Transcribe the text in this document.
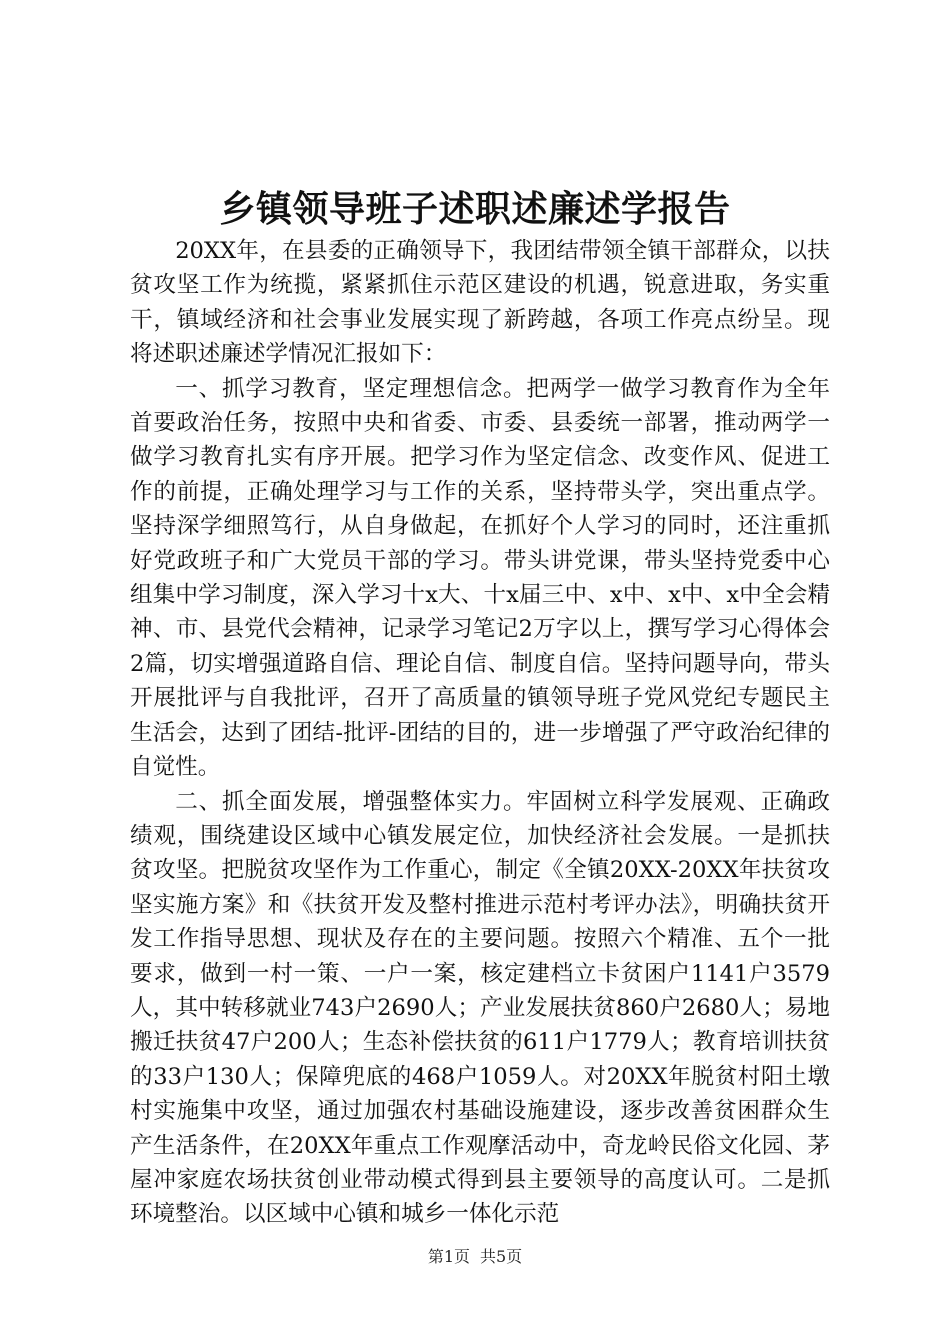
乡镇领导班子述职述廉述学报告

20XX年，在县委的正确领导下，我团结带领全镇干部群众，以扶贫攻坚工作为统揽，紧紧抓住示范区建设的机遇，锐意进取，务实重干，镇域经济和社会事业发展实现了新跨越，各项工作亮点纷呈。现将述职述廉述学情况汇报如下：

一、抓学习教育，坚定理想信念。把两学一做学习教育作为全年首要政治任务，按照中央和省委、市委、县委统一部署，推动两学一做学习教育扎实有序开展。把学习作为坚定信念、改变作风、促进工作的前提，正确处理学习与工作的关系，坚持带头学，突出重点学。坚持深学细照笃行，从自身做起，在抓好个人学习的同时，还注重抓好党政班子和广大党员干部的学习。带头讲党课，带头坚持党委中心组集中学习制度，深入学习十x大、十x届三中、x中、x中、x中全会精神、市、县党代会精神，记录学习笔记2万字以上，撰写学习心得体会2篇，切实增强道路自信、理论自信、制度自信。坚持问题导向，带头开展批评与自我批评，召开了高质量的镇领导班子党风党纪专题民主生活会，达到了团结-批评-团结的目的，进一步增强了严守政治纪律的自觉性。

二、抓全面发展，增强整体实力。牢固树立科学发展观、正确政绩观，围绕建设区域中心镇发展定位，加快经济社会发展。一是抓扶贫攻坚。把脱贫攻坚作为工作重心，制定《全镇20XX-20XX年扶贫攻坚实施方案》和《扶贫开发及整村推进示范村考评办法》，明确扶贫开发工作指导思想、现状及存在的主要问题。按照六个精准、五个一批要求，做到一村一策、一户一案，核定建档立卡贫困户1141户3579人，其中转移就业743户2690人；产业发展扶贫860户2680人；易地搬迁扶贫47户200人；生态补偿扶贫的611户1779人；教育培训扶贫的33户130人；保障兜底的468户1059人。对20XX年脱贫村阳土墩村实施集中攻坚，通过加强农村基础设施建设，逐步改善贫困群众生产生活条件，在20XX年重点工作观摩活动中，奇龙岭民俗文化园、茅屋冲家庭农场扶贫创业带动模式得到县主要领导的高度认可。二是抓环境整治。以区域中心镇和城乡一体化示范

第1页 共5页
